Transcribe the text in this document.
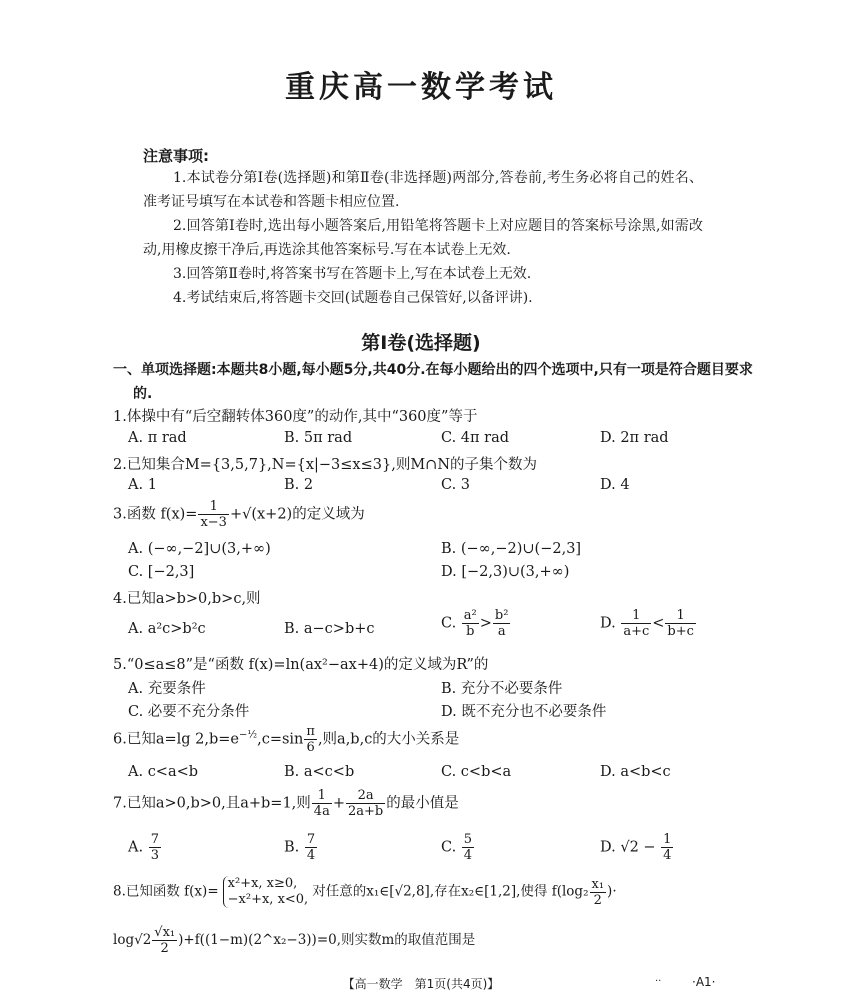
重庆高一数学考试
注意事项:
1.本试卷分第Ⅰ卷(选择题)和第Ⅱ卷(非选择题)两部分,答卷前,考生务必将自己的姓名、准考证号填写在本试卷和答题卡相应位置.
2.回答第Ⅰ卷时,选出每小题答案后,用铅笔将答题卡上对应题目的答案标号涂黑,如需改动,用橡皮擦干净后,再选涂其他答案标号.写在本试卷上无效.
3.回答第Ⅱ卷时,将答案书写在答题卡上,写在本试卷上无效.
4.考试结束后,将答题卡交回(试题卷自己保管好,以备评讲).
第Ⅰ卷(选择题)
一、单项选择题:本题共8小题,每小题5分,共40分.在每小题给出的四个选项中,只有一项是符合题目要求的.
1.体操中有“后空翻转体360度”的动作,其中“360度”等于
A. π rad	B. 5π rad	C. 4π rad	D. 2π rad
2.已知集合M={3,5,7},N={x|−3≤x≤3},则M∩N的子集个数为
A. 1	B. 2	C. 3	D. 4
3.函数 $f(x)= \frac{1}{x-3} +√(x+2)$的定义域为
A. (−∞,−2]∪(3,+∞)	B. (−∞,−2)∪(−2,3]
C. [−2,3]	D. [−2,3)∪(3,+∞)
4.已知a>b>0,b>c,则
A. a²c>b²c	B. a−c>b+c	C. $\frac{\text{a²}}{b} > \frac{\text{b²}}{a}$	D. $\frac{1}{a+c} < \frac{1}{b+c}$
5.“0≤a≤8”是“函数 f(x)=ln(ax²−ax+4)的定义域为R”的
A. 充要条件	B. 充分不必要条件
C. 必要不充分条件	D. 既不充分也不必要条件
6.已知a=lg $2,b=e^{-\frac{1}{2}},c=\sin \frac{\pi}{6}$ ,则a,b,c的大小关系是
A. c<a<b	B. a<c<b	C. c<b<a	D. a<b<c
7.已知a>0,b>0,且a+b=1,则 $\frac{1}{4a} + \frac{2a}{2a+b}$ 的最小值是
A. $\frac{7}{3}$	B. $\frac{7}{4}$	C. $\frac{5}{4}$	D. $√2 - \frac{1}{4}$
8.已知函数 f(x)= x²+x, x≥0,
−x²+x, x<0, 对任意的x₁∈[√2,8],存在x₂∈[1,2],使得 $f(\log_2 \frac{\text{x₁}}{2}$ )·
$\log√2 \frac{\text{√x₁}}{2}$ )+f((1−m)(2^x₂−3))=0,则实数m的取值范围是
【高一数学　第1页(共4页)】	..	·A1·
